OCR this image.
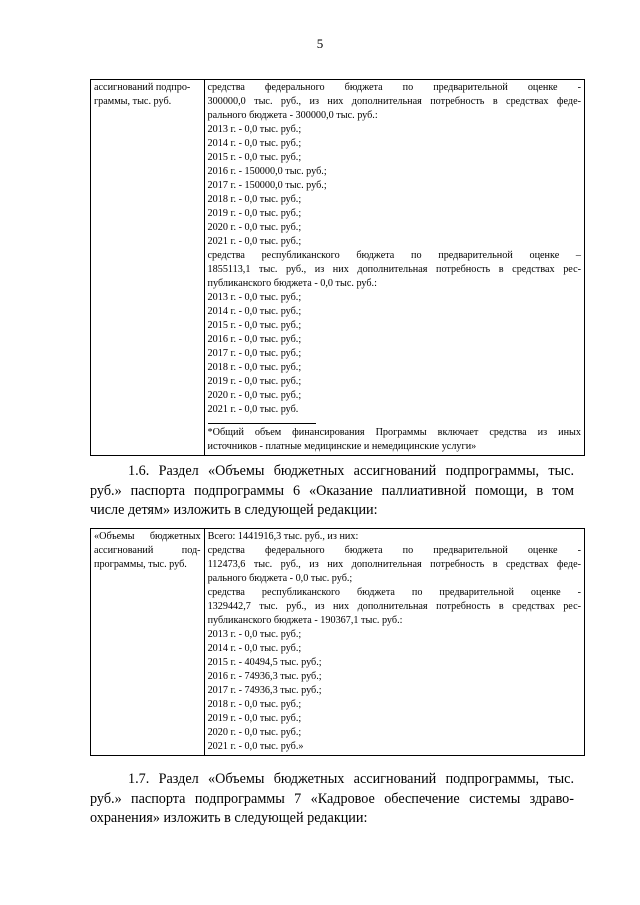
5
ассигнований подпро-
граммы, тыс. руб.

средства федерального бюджета по предварительной оценке -
300000,0 тыс. руб., из них дополнительная потребность в средствах феде-
рального бюджета - 300000,0 тыс. руб.:
2013 г. - 0,0 тыс. руб.;
2014 г. - 0,0 тыс. руб.;
2015 г. - 0,0 тыс. руб.;
2016 г. - 150000,0 тыс. руб.;
2017 г. - 150000,0 тыс. руб.;
2018 г. - 0,0 тыс. руб.;
2019 г. - 0,0 тыс. руб.;
2020 г. - 0,0 тыс. руб.;
2021 г. - 0,0 тыс. руб.;
средства республиканского бюджета по предварительной оценке –
1855113,1 тыс. руб., из них дополнительная потребность в средствах рес-
публиканского бюджета - 0,0 тыс. руб.:
2013 г. - 0,0 тыс. руб.;
2014 г. - 0,0 тыс. руб.;
2015 г. - 0,0 тыс. руб.;
2016 г. - 0,0 тыс. руб.;
2017 г. - 0,0 тыс. руб.;
2018 г. - 0,0 тыс. руб.;
2019 г. - 0,0 тыс. руб.;
2020 г. - 0,0 тыс. руб.;
2021 г. - 0,0 тыс. руб.
*Общий объем финансирования Программы включает средства из иных
источников - платные медицинские и немедицинские услуги»
1.6. Раздел «Объемы бюджетных ассигнований подпрограммы, тыс.
руб.» паспорта подпрограммы 6 «Оказание паллиативной помощи, в том
числе детям» изложить в следующей редакции:
«Объемы бюджетных
ассигнований под-
программы, тыс. руб.

Всего: 1441916,3 тыс. руб., из них:
средства федерального бюджета по предварительной оценке -
112473,6 тыс. руб., из них дополнительная потребность в средствах феде-
рального бюджета - 0,0 тыс. руб.;
средства республиканского бюджета по предварительной оценке -
1329442,7 тыс. руб., из них дополнительная потребность в средствах рес-
публиканского бюджета - 190367,1 тыс. руб.:
2013 г. - 0,0 тыс. руб.;
2014 г. - 0,0 тыс. руб.;
2015 г. - 40494,5 тыс. руб.;
2016 г. - 74936,3 тыс. руб.;
2017 г. - 74936,3 тыс. руб.;
2018 г. - 0,0 тыс. руб.;
2019 г. - 0,0 тыс. руб.;
2020 г. - 0,0 тыс. руб.;
2021 г. - 0,0 тыс. руб.»
1.7. Раздел «Объемы бюджетных ассигнований подпрограммы, тыс.
руб.» паспорта подпрограммы 7 «Кадровое обеспечение системы здраво-
охранения» изложить в следующей редакции:
